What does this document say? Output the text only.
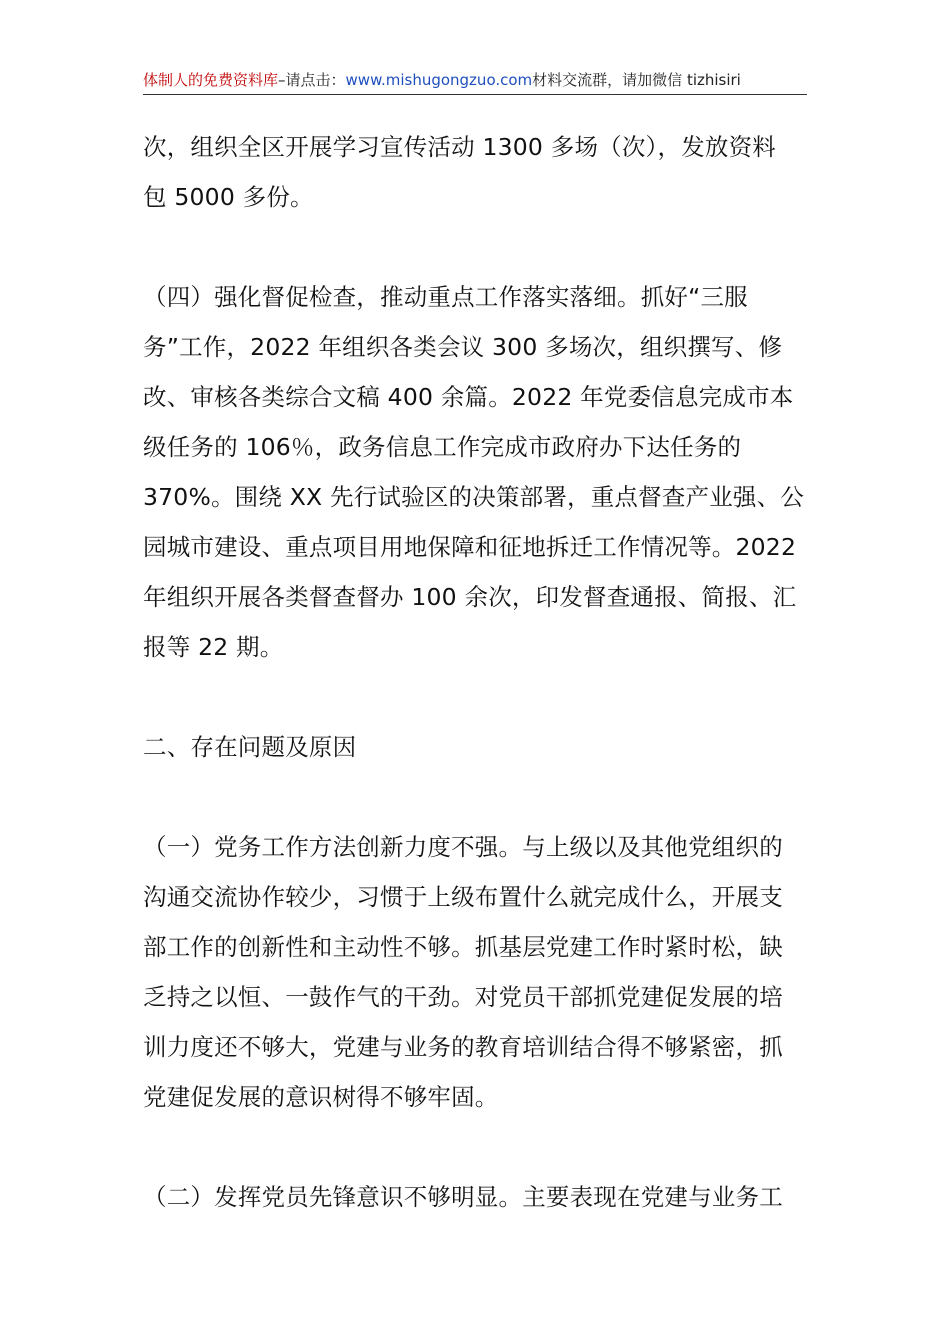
体制人的免费资料库–请点击：www.mishugongzuo.com材料交流群，请加微信 tizhisiri

次，组织全区开展学习宣传活动 1300 多场（次），发放资料

包 5000 多份。

（四）强化督促检查，推动重点工作落实落细。抓好“三服

务”工作，2022 年组织各类会议 300 多场次，组织撰写、修

改、审核各类综合文稿 400 余篇。2022 年党委信息完成市本

级任务的 106％，政务信息工作完成市政府办下达任务的

370%。围绕 XX 先行试验区的决策部署，重点督查产业强、公

园城市建设、重点项目用地保障和征地拆迁工作情况等。2022

年组织开展各类督查督办 100 余次，印发督查通报、简报、汇

报等 22 期。

二、存在问题及原因

（一）党务工作方法创新力度不强。与上级以及其他党组织的

沟通交流协作较少，习惯于上级布置什么就完成什么，开展支

部工作的创新性和主动性不够。抓基层党建工作时紧时松，缺

乏持之以恒、一鼓作气的干劲。对党员干部抓党建促发展的培

训力度还不够大，党建与业务的教育培训结合得不够紧密，抓

党建促发展的意识树得不够牢固。

（二）发挥党员先锋意识不够明显。主要表现在党建与业务工
